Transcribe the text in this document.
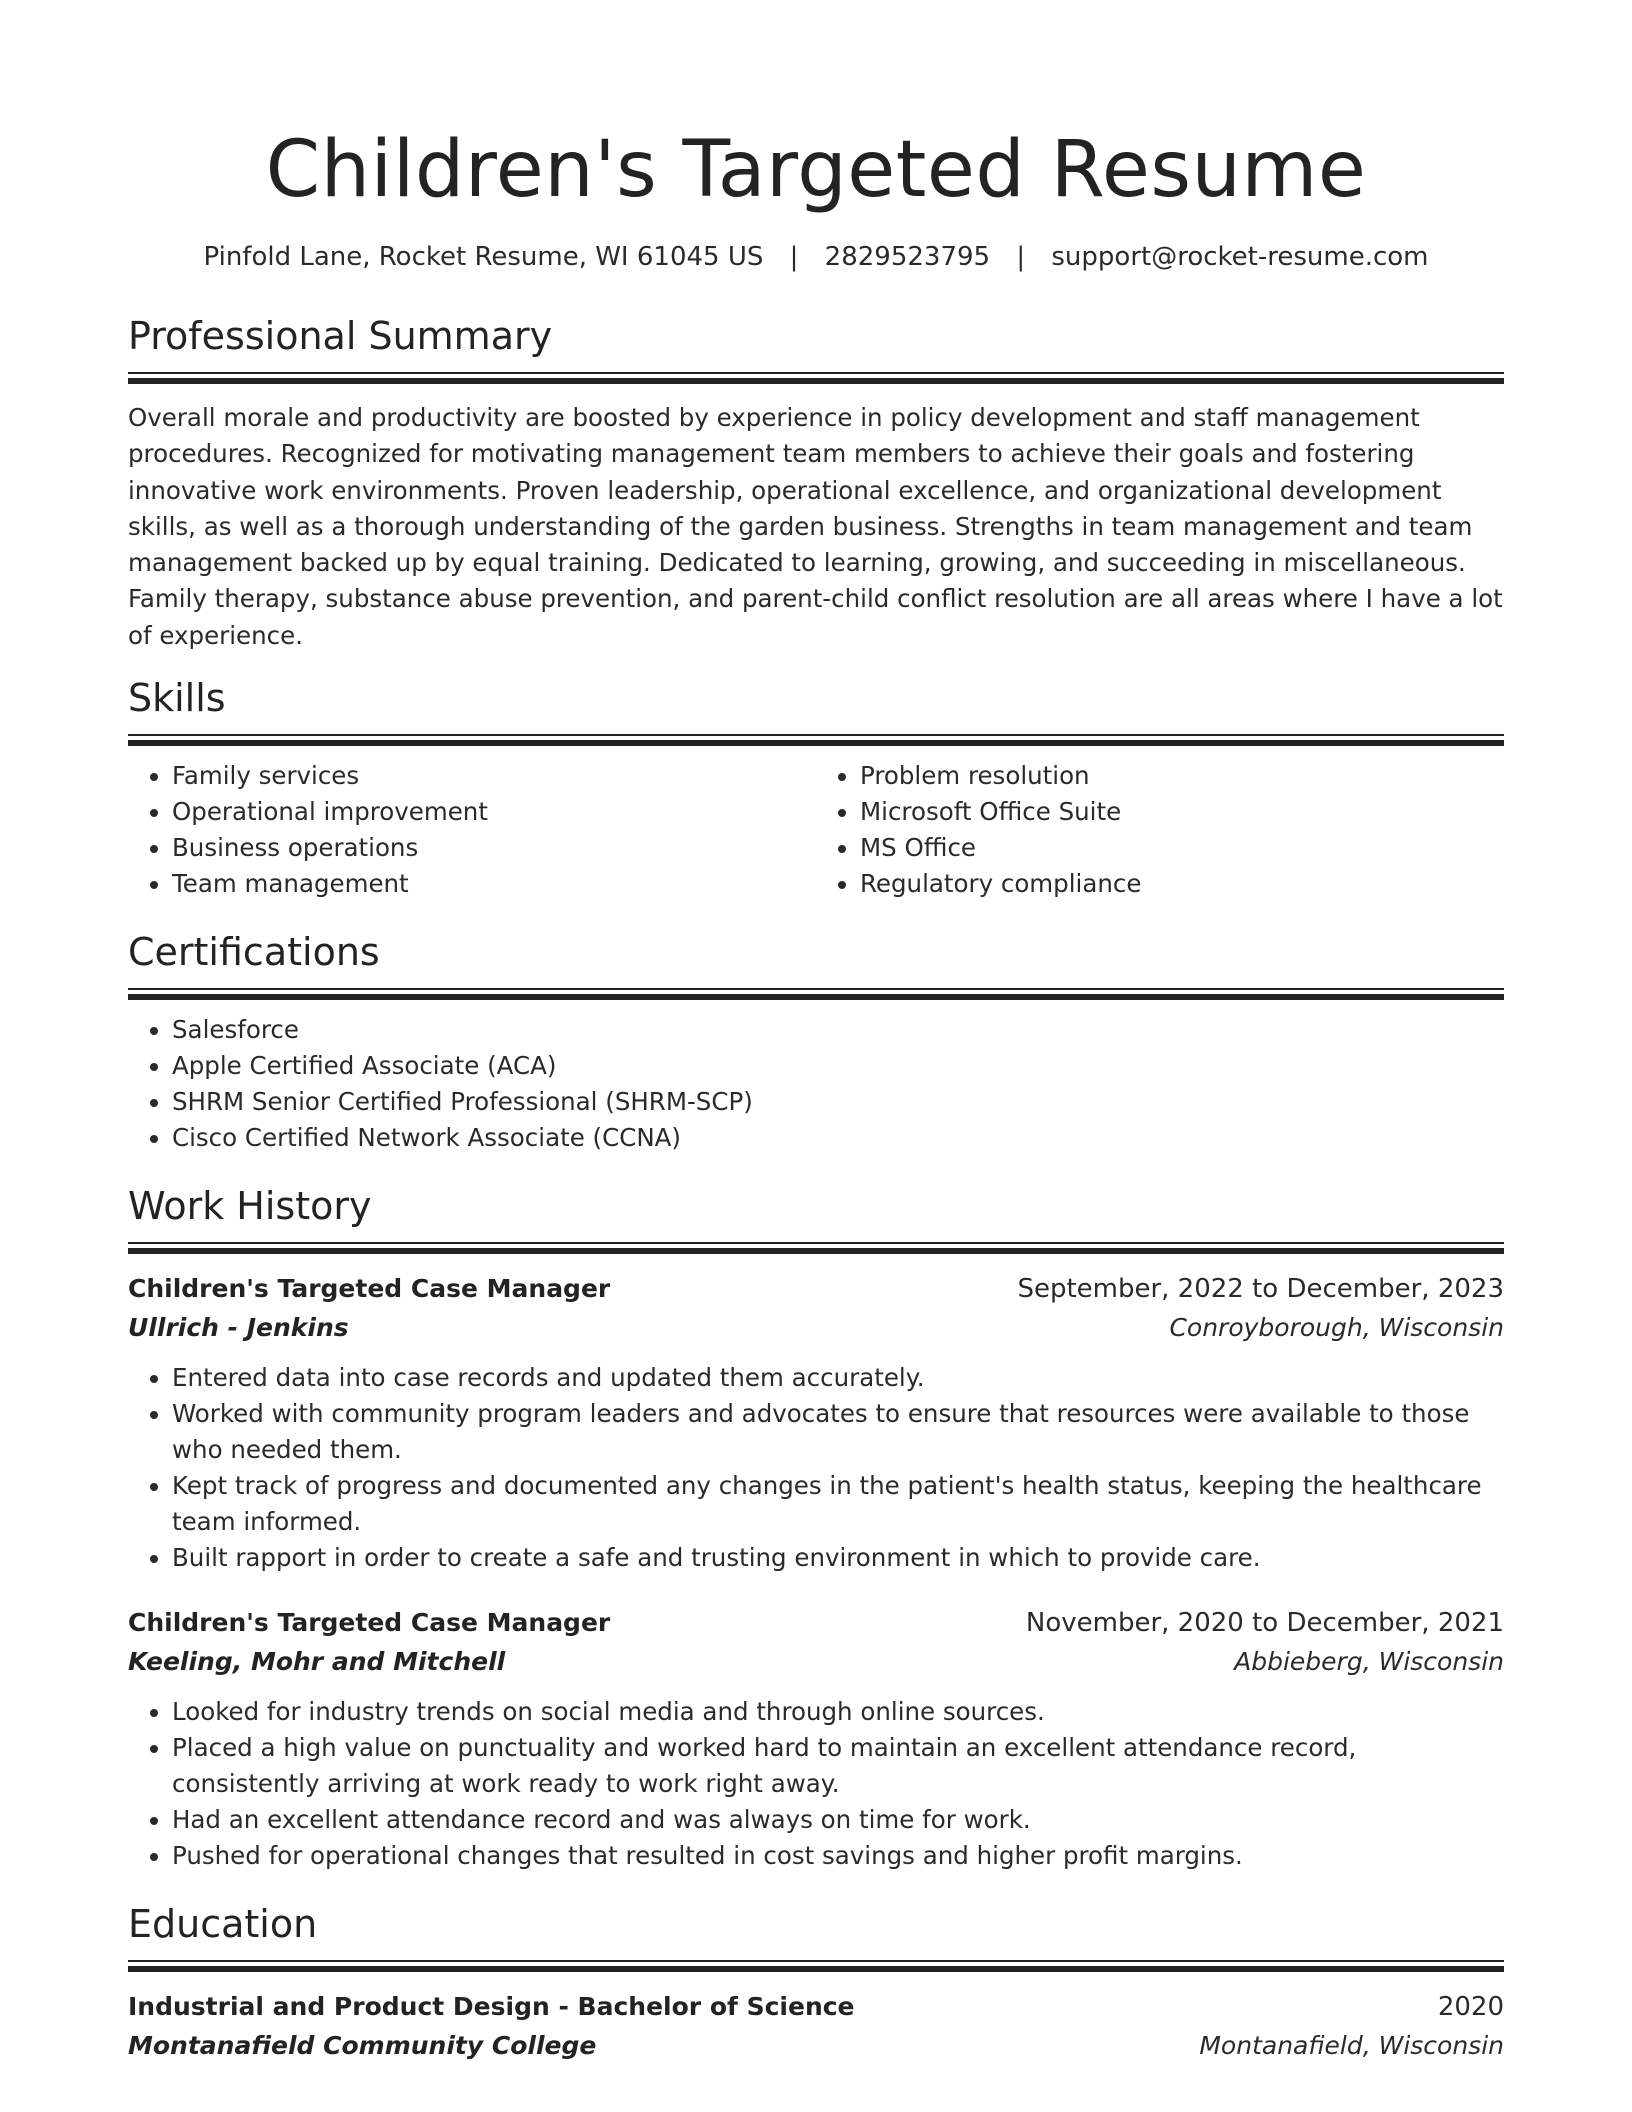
Children's Targeted Resume
Pinfold Lane, Rocket Resume, WI 61045 US | 2829523795 | support@rocket-resume.com
Professional Summary

Overall morale and productivity are boosted by experience in policy development and staff management procedures. Recognized for motivating management team members to achieve their goals and fostering innovative work environments. Proven leadership, operational excellence, and organizational development skills, as well as a thorough understanding of the garden business. Strengths in team management and team management backed up by equal training. Dedicated to learning, growing, and succeeding in miscellaneous. Family therapy, substance abuse prevention, and parent-child conflict resolution are all areas where I have a lot of experience.

Skills
• Family services
• Operational improvement
• Business operations
• Team management
• Problem resolution
• Microsoft Office Suite
• MS Office
• Regulatory compliance
Certifications
• Salesforce
• Apple Certified Associate (ACA)
• SHRM Senior Certified Professional (SHRM-SCP)
• Cisco Certified Network Associate (CCNA)
Work History
Children's Targeted Case Manager	September, 2022 to December, 2023
Ullrich - Jenkins	Conroyborough, Wisconsin
• Entered data into case records and updated them accurately.
• Worked with community program leaders and advocates to ensure that resources were available to those who needed them.
• Kept track of progress and documented any changes in the patient's health status, keeping the healthcare team informed.
• Built rapport in order to create a safe and trusting environment in which to provide care.
Children's Targeted Case Manager	November, 2020 to December, 2021
Keeling, Mohr and Mitchell	Abbieberg, Wisconsin
• Looked for industry trends on social media and through online sources.
• Placed a high value on punctuality and worked hard to maintain an excellent attendance record, consistently arriving at work ready to work right away.
• Had an excellent attendance record and was always on time for work.
• Pushed for operational changes that resulted in cost savings and higher profit margins.
Education
Industrial and Product Design - Bachelor of Science	2020
Montanafield Community College	Montanafield, Wisconsin
